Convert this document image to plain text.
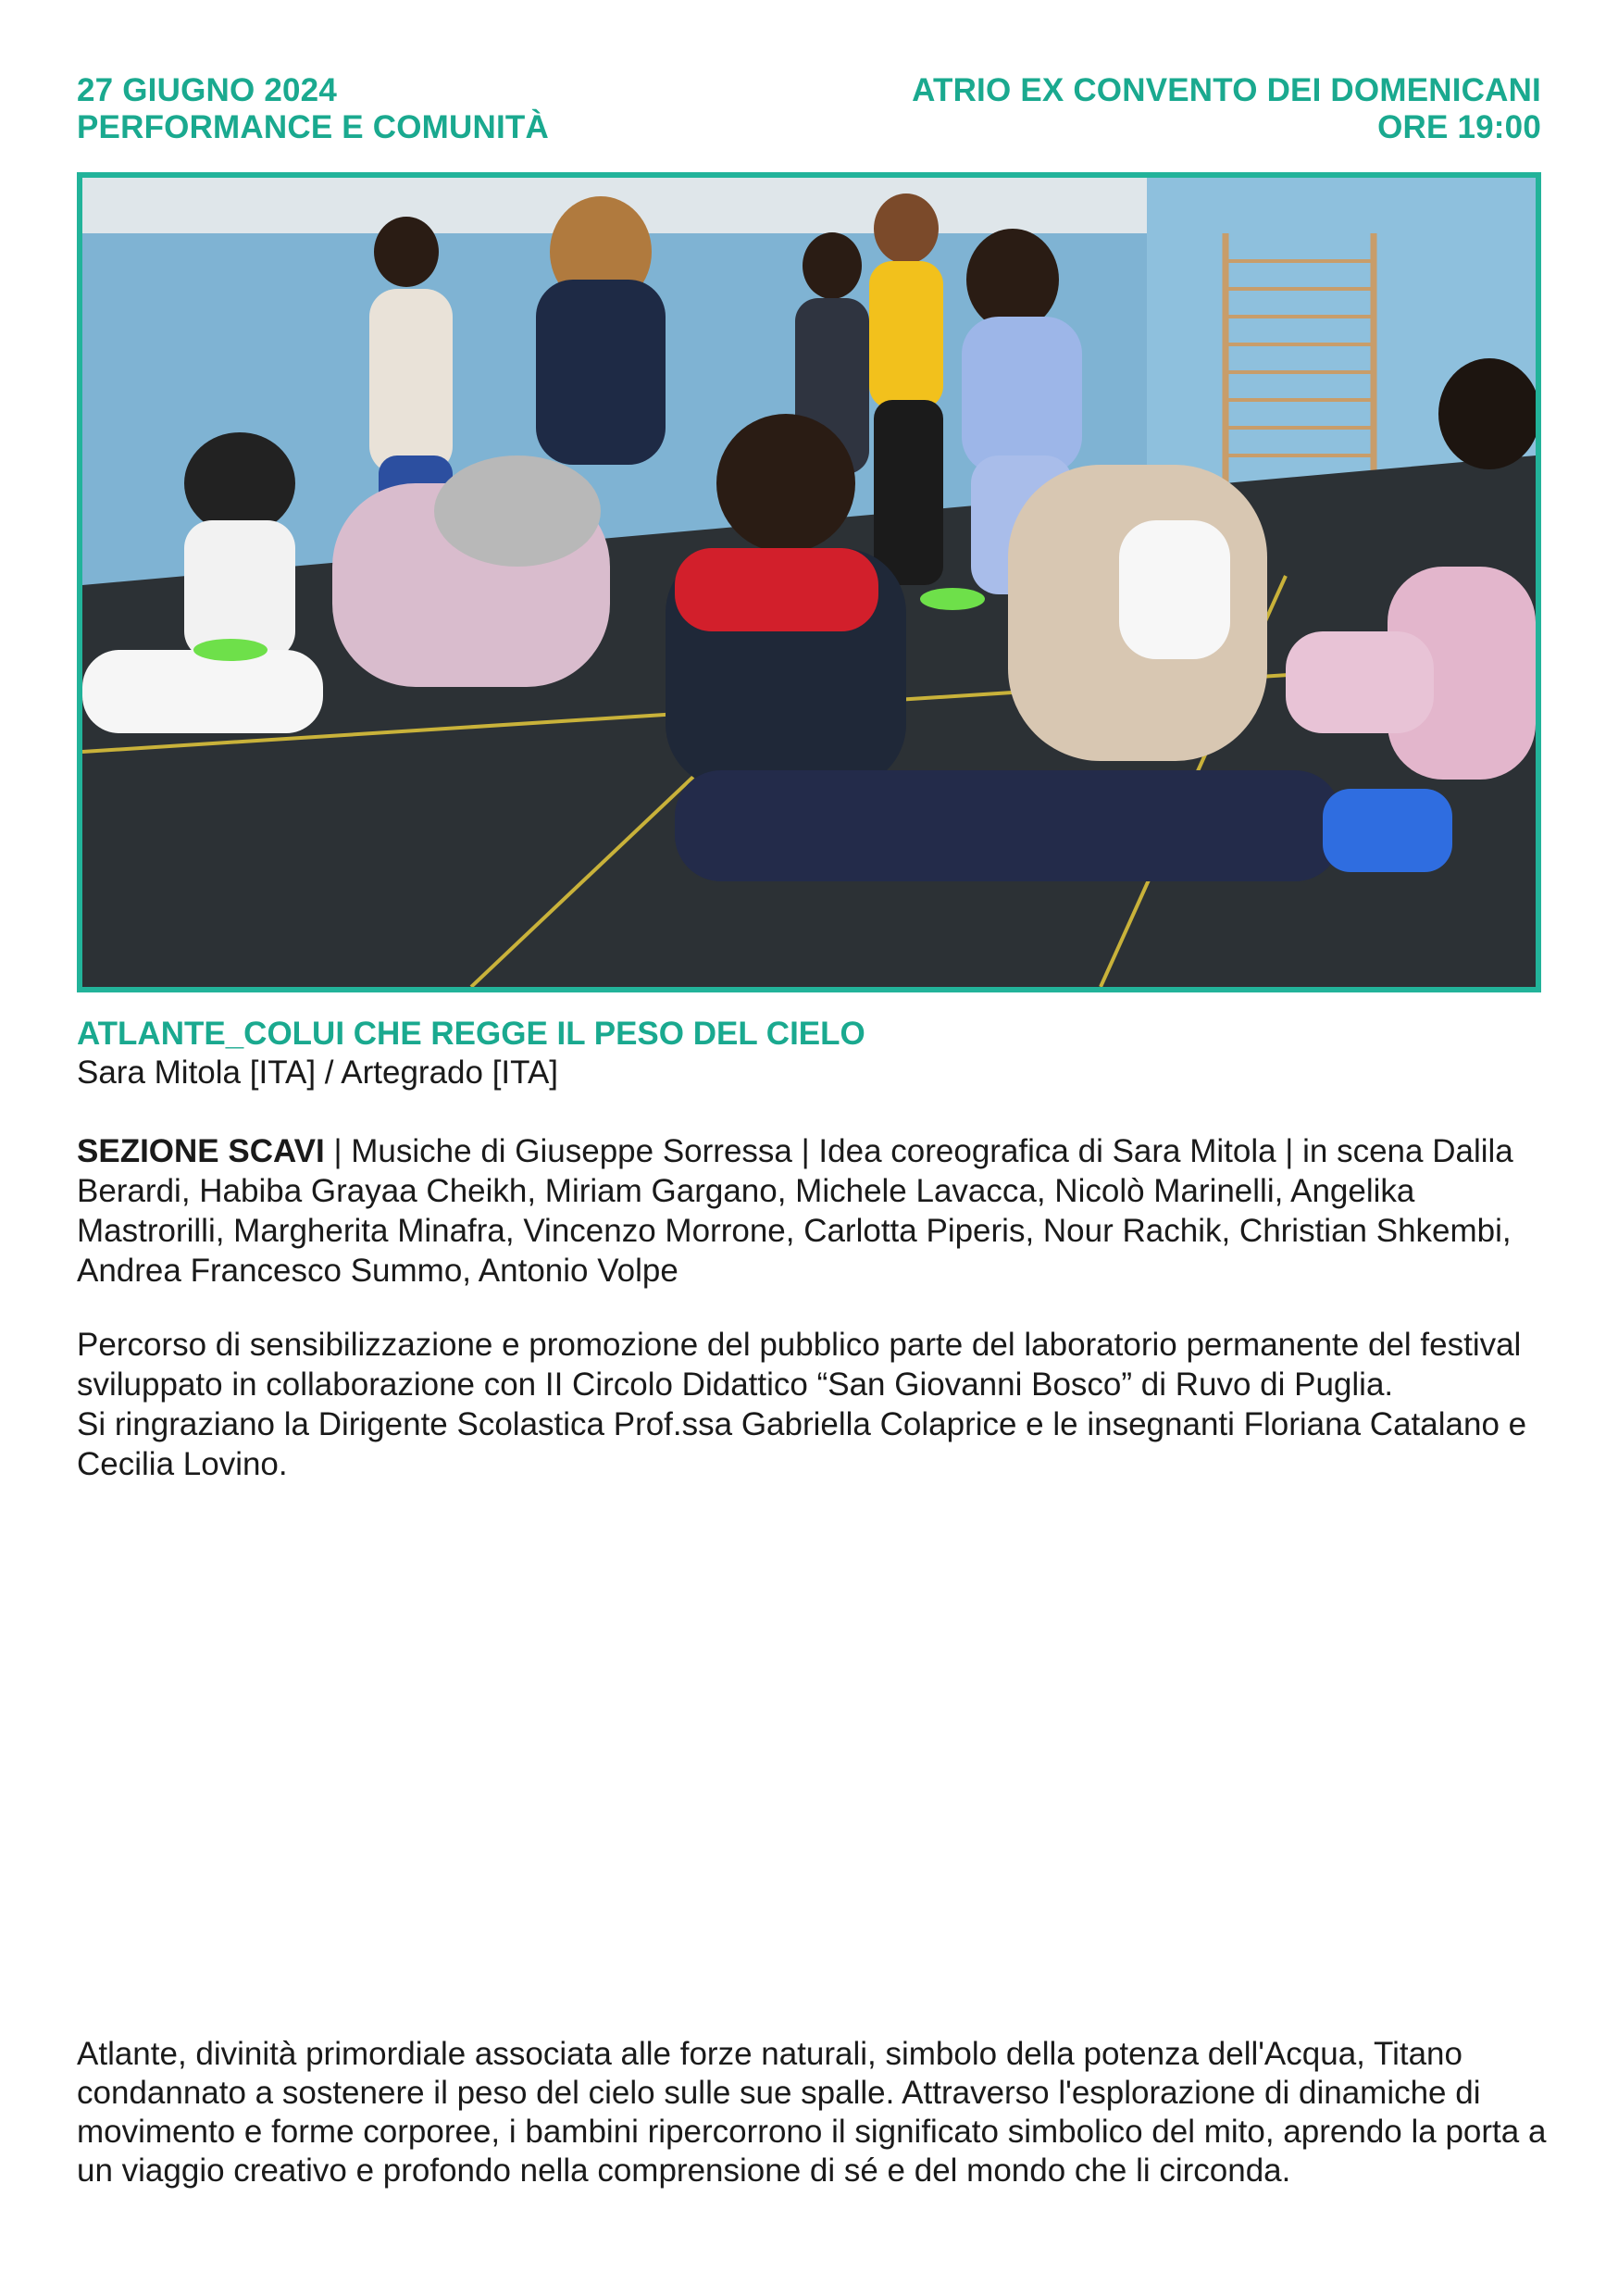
27 GIUGNO 2024
PERFORMANCE E COMUNITÀ
ATRIO EX CONVENTO DEI DOMENICANI
ORE 19:00
ATLANTE_COLUI CHE REGGE IL PESO DEL CIELO
Sara Mitola [ITA] / Artegrado [ITA]
SEZIONE SCAVI | Musiche di Giuseppe Sorressa | Idea coreografica di Sara Mitola | in scena Dalila Berardi, Habiba Grayaa Cheikh, Miriam Gargano, Michele Lavacca, Nicolò Marinelli, Angelika Mastrorilli, Margherita Minafra, Vincenzo Morrone, Carlotta Piperis, Nour Rachik, Christian Shkembi, Andrea Francesco Summo, Antonio Volpe

Percorso di sensibilizzazione e promozione del pubblico parte del laboratorio permanente del festival sviluppato in collaborazione con II Circolo Didattico “San Giovanni Bosco” di Ruvo di Puglia.

Si ringraziano la Dirigente Scolastica Prof.ssa Gabriella Colaprice e le insegnanti Floriana Catalano e Cecilia Lovino.

Atlante, divinità primordiale associata alle forze naturali, simbolo della potenza dell'Acqua, Titano condannato a sostenere il peso del cielo sulle sue spalle. Attraverso l'esplorazione di dinamiche di movimento e forme corporee, i bambini ripercorrono il significato simbolico del mito, aprendo la porta a un viaggio creativo e profondo nella comprensione di sé e del mondo che li circonda.
